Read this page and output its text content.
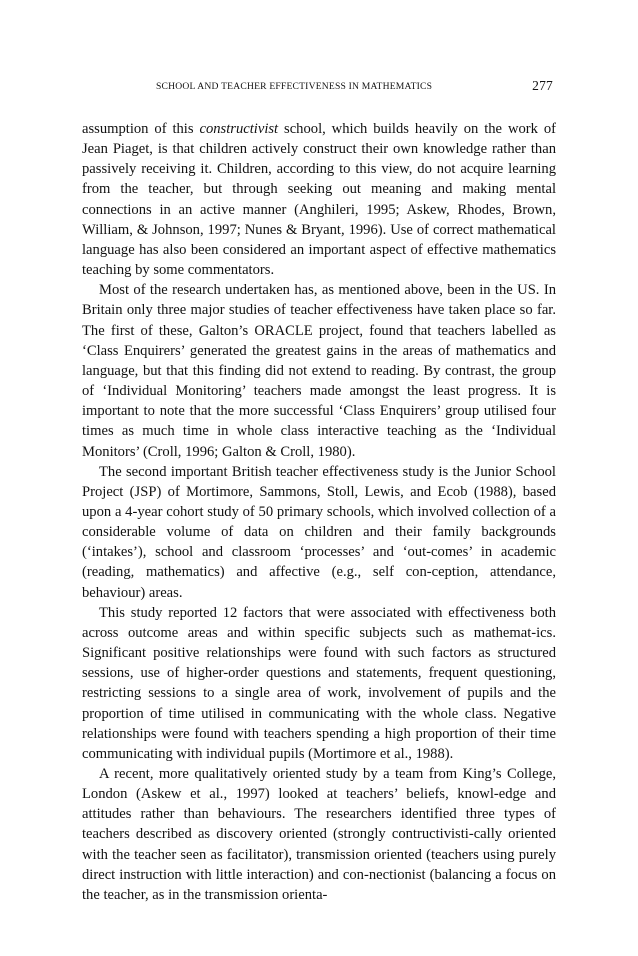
SCHOOL AND TEACHER EFFECTIVENESS IN MATHEMATICS	277

assumption of this constructivist school, which builds heavily on the work of Jean Piaget, is that children actively construct their own knowledge rather than passively receiving it. Children, according to this view, do not acquire learning from the teacher, but through seeking out meaning and making mental connections in an active manner (Anghileri, 1995; Askew, Rhodes, Brown, William, & Johnson, 1997; Nunes & Bryant, 1996). Use of correct mathematical language has also been considered an important aspect of effective mathematics teaching by some commentators.

Most of the research undertaken has, as mentioned above, been in the US. In Britain only three major studies of teacher effectiveness have taken place so far. The first of these, Galton’s ORACLE project, found that teachers labelled as ‘Class Enquirers’ generated the greatest gains in the areas of mathematics and language, but that this finding did not extend to reading. By contrast, the group of ‘Individual Monitoring’ teachers made amongst the least progress. It is important to note that the more successful ‘Class Enquirers’ group utilised four times as much time in whole class interactive teaching as the ‘Individual Monitors’ (Croll, 1996; Galton & Croll, 1980).

The second important British teacher effectiveness study is the Junior School Project (JSP) of Mortimore, Sammons, Stoll, Lewis, and Ecob (1988), based upon a 4-year cohort study of 50 primary schools, which involved collection of a considerable volume of data on children and their family backgrounds (‘intakes’), school and classroom ‘processes’ and ‘out-comes’ in academic (reading, mathematics) and affective (e.g., self con-ception, attendance, behaviour) areas.

This study reported 12 factors that were associated with effectiveness both across outcome areas and within specific subjects such as mathemat-ics. Significant positive relationships were found with such factors as structured sessions, use of higher-order questions and statements, frequent questioning, restricting sessions to a single area of work, involvement of pupils and the proportion of time utilised in communicating with the whole class. Negative relationships were found with teachers spending a high proportion of their time communicating with individual pupils (Mortimore et al., 1988).

A recent, more qualitatively oriented study by a team from King’s College, London (Askew et al., 1997) looked at teachers’ beliefs, knowl-edge and attitudes rather than behaviours. The researchers identified three types of teachers described as discovery oriented (strongly contructivisti-cally oriented with the teacher seen as facilitator), transmission oriented (teachers using purely direct instruction with little interaction) and con-nectionist (balancing a focus on the teacher, as in the transmission orienta-
